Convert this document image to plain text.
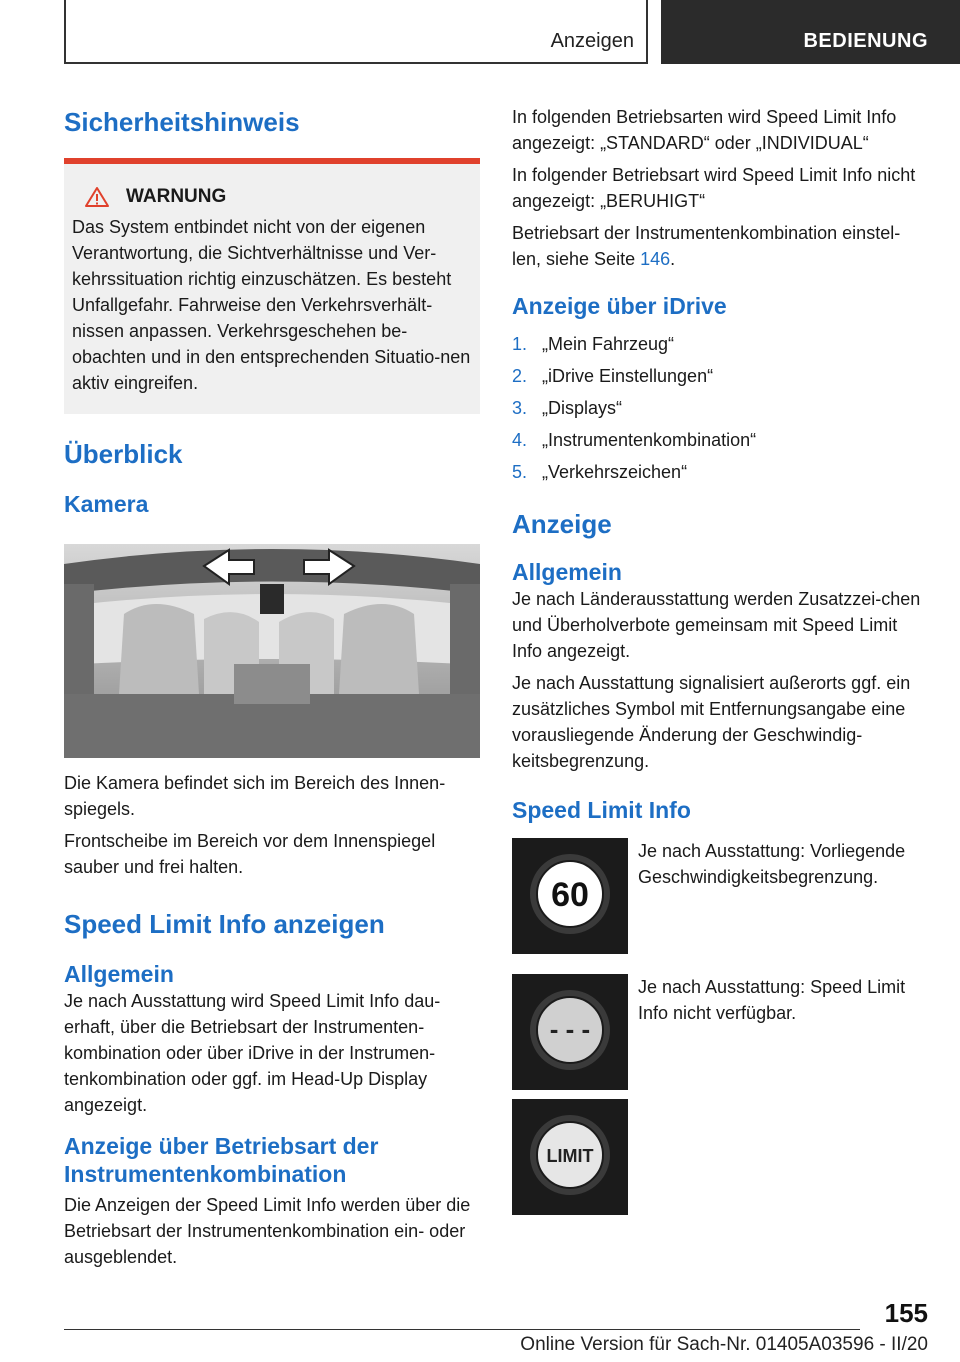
Anzeigen	BEDIENUNG
Sicherheitshinweis
WARNUNG

Das System entbindet nicht von der eigenen Verantwortung, die Sichtverhältnisse und Ver-kehrssituation richtig einzuschätzen. Es besteht Unfallgefahr. Fahrweise den Verkehrsverhält-nissen anpassen. Verkehrsgeschehen be-obachten und in den entsprechenden Situatio-nen aktiv eingreifen.

Überblick
Kamera

Die Kamera befindet sich im Bereich des Innen-spiegels.

Frontscheibe im Bereich vor dem Innenspiegel sauber und frei halten.

Speed Limit Info anzeigen
Allgemein

Je nach Ausstattung wird Speed Limit Info dau-erhaft, über die Betriebsart der Instrumenten-kombination oder über iDrive in der Instrumen-tenkombination oder ggf. im Head-Up Display angezeigt.

Anzeige über Betriebsart der Instrumentenkombination

Die Anzeigen der Speed Limit Info werden über die Betriebsart der Instrumentenkombination ein- oder ausgeblendet.

In folgenden Betriebsarten wird Speed Limit Info angezeigt: „STANDARD“ oder „INDIVIDUAL“

In folgender Betriebsart wird Speed Limit Info nicht angezeigt: „BERUHIGT“

Betriebsart der Instrumentenkombination einstel-len, siehe Seite 146.

Anzeige über iDrive
1. „Mein Fahrzeug“
2. „iDrive Einstellungen“
3. „Displays“
4. „Instrumentenkombination“
5. „Verkehrszeichen“
Anzeige
Allgemein

Je nach Länderausstattung werden Zusatzzei-chen und Überholverbote gemeinsam mit Speed Limit Info angezeigt.

Je nach Ausstattung signalisiert außerorts ggf. ein zusätzliches Symbol mit Entfernungsangabe eine vorausliegende Änderung der Geschwindig-keitsbegrenzung.

Speed Limit Info
60
Je nach Ausstattung: Vorliegende Geschwindigkeitsbegrenzung.
- - -
Je nach Ausstattung: Speed Limit Info nicht verfügbar.
LIMIT
155
Online Version für Sach-Nr. 01405A03596 - II/20
